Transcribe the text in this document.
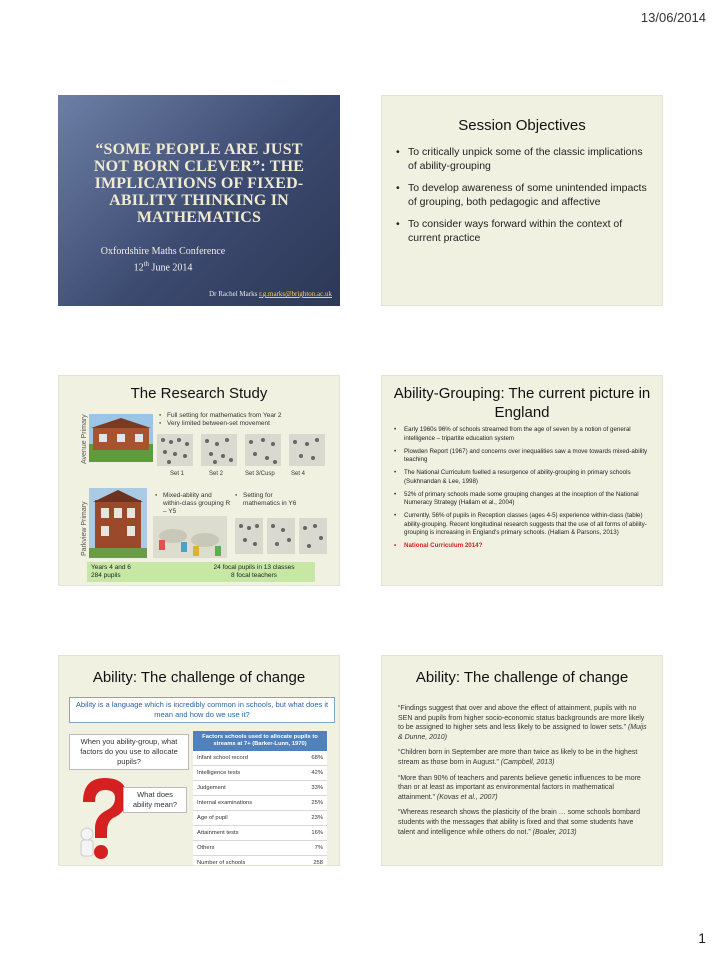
13/06/2014
“SOME PEOPLE ARE JUST NOT BORN CLEVER”: THE IMPLICATIONS OF FIXED-ABILITY THINKING IN MATHEMATICS
Oxfordshire Maths Conference
12th June 2014
Dr Rachel Marks r.g.marks@brighton.ac.uk
Session Objectives
• To critically unpick some of the classic implications of ability-grouping
• To develop awareness of some unintended impacts of grouping, both pedagogic and affective
• To consider ways forward within the context of current practice
The Research Study
Avenue Primary	▪ Full setting for mathematics from Year 2
▪ Very limited between-set movement
Set 1	Set 2	Set 3/Cusp	Set 4
Parkview Primary
▪ Mixed-ability and within-class grouping R – Y5
▪ Setting for mathematics in Y6
Years 4 and 6
284 pupils
24 focal pupils in 13 classes
8 focal teachers
Ability-Grouping: The current picture in England
• Early 1960s 96% of schools streamed from the age of seven by a notion of general intelligence – tripartite education system
• Plowden Report (1967) and concerns over inequalities saw a move towards mixed-ability teaching
• The National Curriculum fuelled a resurgence of ability-grouping in primary schools (Sukhnandan & Lee, 1998)
• 52% of primary schools made some grouping changes at the inception of the National Numeracy Strategy (Hallam et al., 2004)
• Currently, 56% of pupils in Reception classes (ages 4-5) experience within-class (table) ability-grouping. Recent longitudinal research suggests that the use of all forms of ability-grouping is increasing in England's primary schools. (Hallam & Parsons, 2013)
• National Curriculum 2014?
Ability: The challenge of change
Ability is a language which is incredibly common in schools, but what does it mean and how do we use it?
When you ability-group, what factors do you use to allocate pupils?
What does ability mean?
Factors schools used to allocate pupils to streams at 7+ (Barker-Lunn, 1970)	
Infant school record	68%
Intelligence tests	42%
Judgement	33%
Internal examinations	25%
Age of pupil	23%
Attainment tests	16%
Others	7%
Number of schools	258
Ability: The challenge of change

“Findings suggest that over and above the effect of attainment, pupils with no SEN and pupils from higher socio-economic status backgrounds are more likely to be assigned to higher sets and less likely to be assigned to lower sets.” (Muijs & Dunne, 2010)

“Children born in September are more than twice as likely to be in the highest stream as those born in August.” (Campbell, 2013)

“More than 90% of teachers and parents believe genetic influences to be more than or at least as important as environmental factors in mathematical attainment.” (Kovas et al., 2007)

“Whereas research shows the plasticity of the brain … some schools bombard students with the messages that ability is fixed and that some students have talent and intelligence while others do not.” (Boaler, 2013)

1
